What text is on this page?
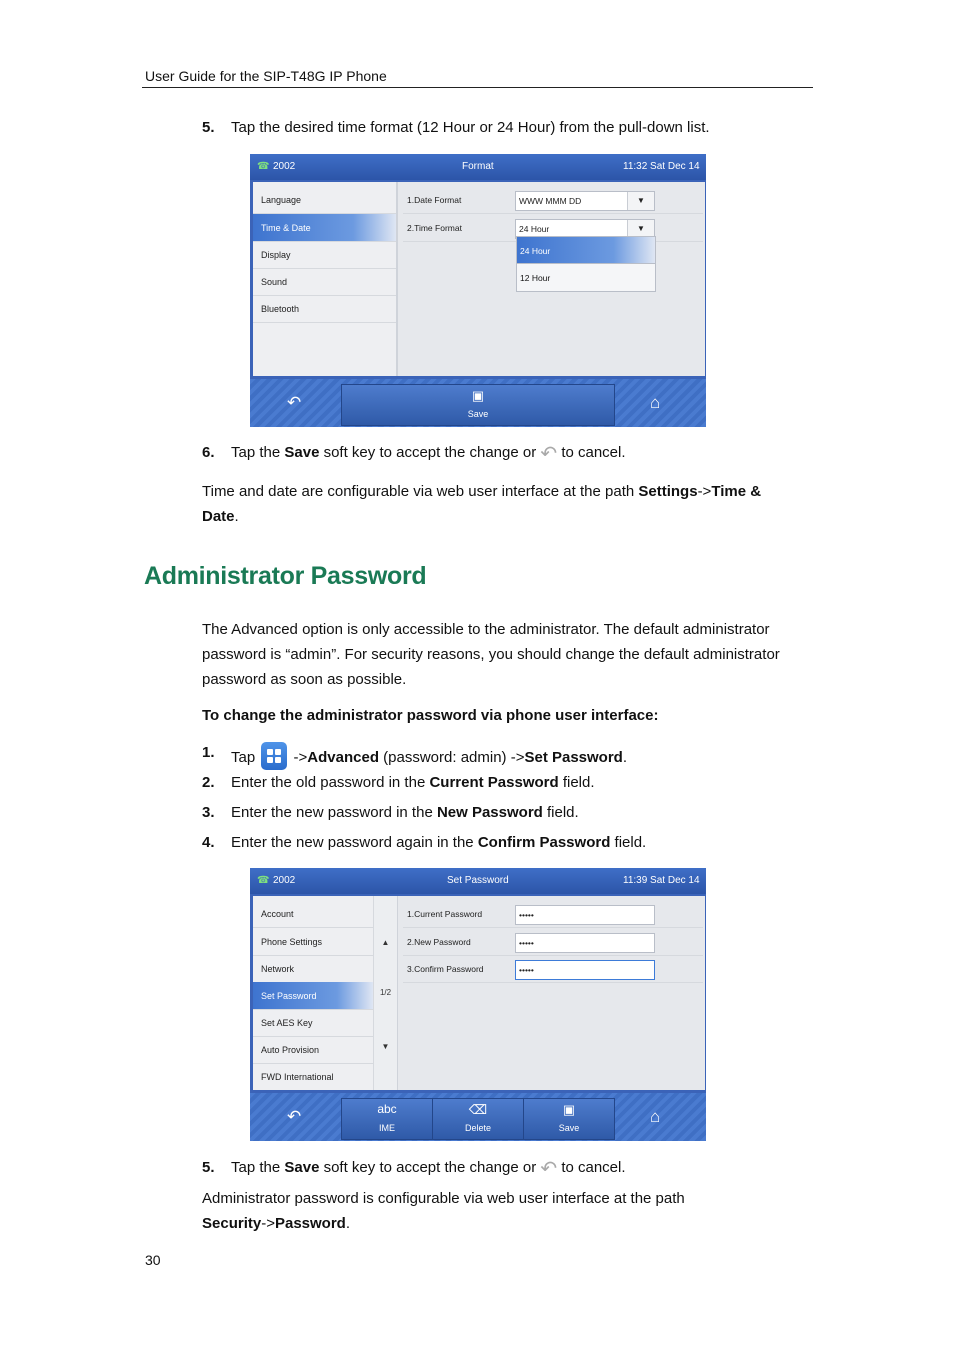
User Guide for the SIP-T48G IP Phone
5. Tap the desired time format (12 Hour or 24 Hour) from the pull-down list.
☎ 2002	Format	11:32 Sat Dec 14
Language
Time & Date
Display
Sound
Bluetooth
1.Date Format	WWW MMM DD	▼
2.Time Format	24 Hour	▼
24 Hour
12 Hour
↶	▣
Save
⌂
6. Tap the Save soft key to accept the change or ↶ to cancel.
Time and date are configurable via web user interface at the path Settings->Time &
Date.
Administrator Password
The Advanced option is only accessible to the administrator. The default administrator
password is “admin”. For security reasons, you should change the default administrator
password as soon as possible.
To change the administrator password via phone user interface:
1. Tap
->Advanced (password: admin) ->Set Password.
2. Enter the old password in the Current Password field.
3. Enter the new password in the New Password field.
4. Enter the new password again in the Confirm Password field.
☎ 2002	Set Password	11:39 Sat Dec 14
Account
Phone Settings
Network
Set Password
Set AES Key
Auto Provision
FWD International
▲
1/2
▼
1.Current Password	•••••
2.New Password	•••••
3.Confirm Password	•••••
↶	abc
IME
⌫
Delete
▣
Save
⌂
5. Tap the Save soft key to accept the change or ↶ to cancel.
Administrator password is configurable via web user interface at the path
Security->Password.
30
